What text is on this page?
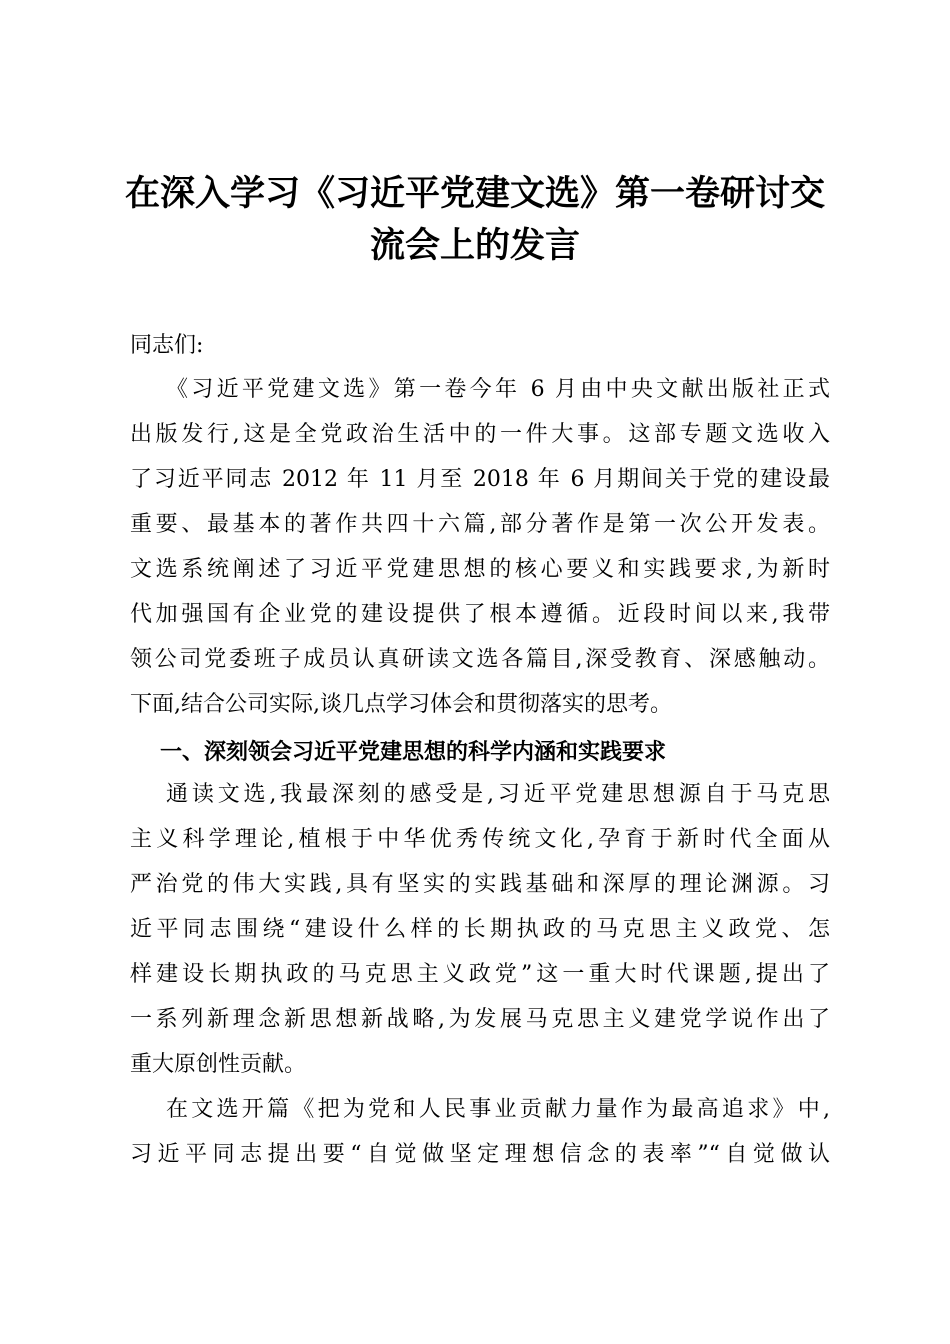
在深入学习《习近平党建文选》第一卷研讨交
流会上的发言
同志们:
《习近平党建文选》第一卷今年 6 月由中央文献出版社正式
出版发行,这是全党政治生活中的一件大事。这部专题文选收入
了习近平同志 2012 年 11 月至 2018 年 6 月期间关于党的建设最
重要、最基本的著作共四十六篇,部分著作是第一次公开发表。
文选系统阐述了习近平党建思想的核心要义和实践要求,为新时
代加强国有企业党的建设提供了根本遵循。近段时间以来,我带
领公司党委班子成员认真研读文选各篇目,深受教育、深感触动。
下面,结合公司实际,谈几点学习体会和贯彻落实的思考。
一、深刻领会习近平党建思想的科学内涵和实践要求
通读文选,我最深刻的感受是,习近平党建思想源自于马克思
主义科学理论,植根于中华优秀传统文化,孕育于新时代全面从
严治党的伟大实践,具有坚实的实践基础和深厚的理论渊源。习
近平同志围绕“建设什么样的长期执政的马克思主义政党、怎
样建设长期执政的马克思主义政党”这一重大时代课题,提出了
一系列新理念新思想新战略,为发展马克思主义建党学说作出了
重大原创性贡献。
在文选开篇《把为党和人民事业贡献力量作为最高追求》中,
习近平同志提出要“自觉做坚定理想信念的表率”“自觉做认
